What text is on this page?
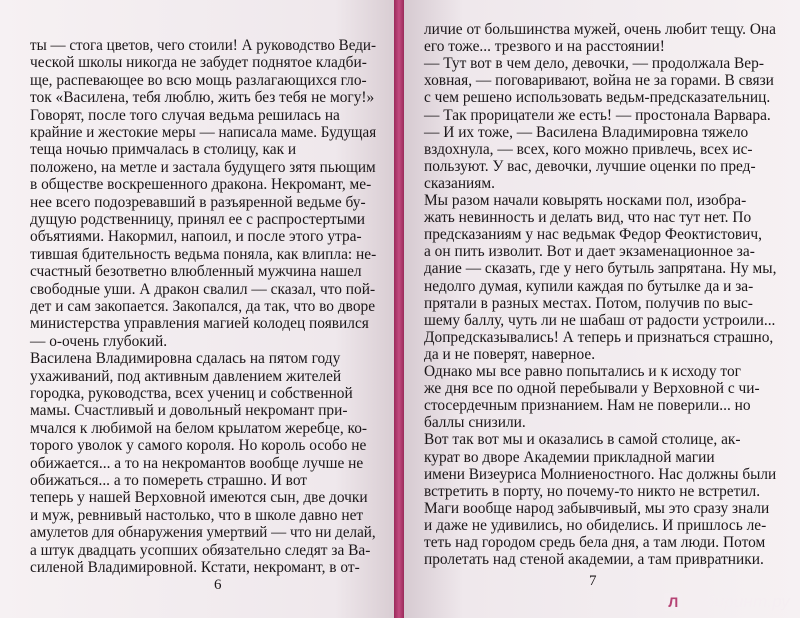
6
ты — стога цветов, чего стоили! А руководство Веди-
ческой школы никогда не забудет поднятое кладби-
ще, распевающее во всю мощь разлагающихся гло-
ток «Василена, тебя люблю, жить без тебя не могу!»
Говорят, после того случая ведьма решилась на
крайние и жестокие меры — написала маме. Будущая
теща ночью примчалась в столицу, как и
положено, на метле и застала будущего зятя пьющим
в обществе воскрешенного дракона. Некромант, ме-
нее всего подозревавший в разъяренной ведьме бу-
дущую родственницу, принял ее с распростертыми
объятиями. Накормил, напоил, и после этого утра-
тившая бдительность ведьма поняла, как влипла: не-
счастный безответно влюбленный мужчина нашел
свободные уши. А дракон свалил — сказал, что пой-
дет и сам закопается. Закопался, да так, что во дворе
министерства управления магией колодец появился
— о-очень глубокий.
Василена Владимировна сдалась на пятом году
ухаживаний, под активным давлением жителей
городка, руководства, всех учениц и собственной
мамы. Счастливый и довольный некромант при-
мчался к любимой на белом крылатом жеребце, ко-
торого уволок у самого короля. Но король особо не
обижается... а то на некромантов вообще лучше не
обижаться... а то помереть страшно. И вот
теперь у нашей Верховной имеются сын, две дочки
и муж, ревнивый настолько, что в школе давно нет
амулетов для обнаружения умертвий — что ни делай,
а штук двадцать усопших обязательно следят за Ва-
силеной Владимировной. Кстати, некромант, в от-
7
личие от большинства мужей, очень любит тещу. Она
его тоже... трезвого и на расстоянии!
— Тут вот в чем дело, девочки, — продолжала Вер-
ховная, — поговаривают, война не за горами. В связи
с чем решено использовать ведьм-предсказательниц.
— Так прорицатели же есть! — простонала Варвара.
— И их тоже, — Василена Владимировна тяжело
вздохнула, — всех, кого можно привлечь, всех ис-
пользуют. У вас, девочки, лучшие оценки по пред-
сказаниям.
Мы разом начали ковырять носками пол, изобра-
жать невинность и делать вид, что нас тут нет. По
предсказаниям у нас ведьмак Федор Феоктистович,
а он пить изволит. Вот и дает экзаменационное за-
дание — сказать, где у него бутыль запрятана. Ну мы,
недолго думая, купили каждая по бутылке да и за-
прятали в разных местах. Потом, получив по выс-
шему баллу, чуть ли не шабаш от радости устроили...
Допредсказывались! А теперь и признаться страшно,
да и не поверят, наверное.
Однако мы все равно попытались и к исходу тог
же дня все по одной перебывали у Верховной с чи-
стосердечным признанием. Нам не поверили... но
баллы снизили.
Вот так вот мы и оказались в самой столице, ак-
курат во дворе Академии прикладной магии
имени Визеуриса Молниеностного. Нас должны были
встретить в порту, но почему-то никто не встретил.
Маги вообще народ забывчивый, мы это сразу знали
и даже не удивились, но обиделись. И пришлось ле-
теть над городом средь бела дня, а там люди. Потом
пролетать над стеной академии, а там привратники.
Л лабиринт.ру
